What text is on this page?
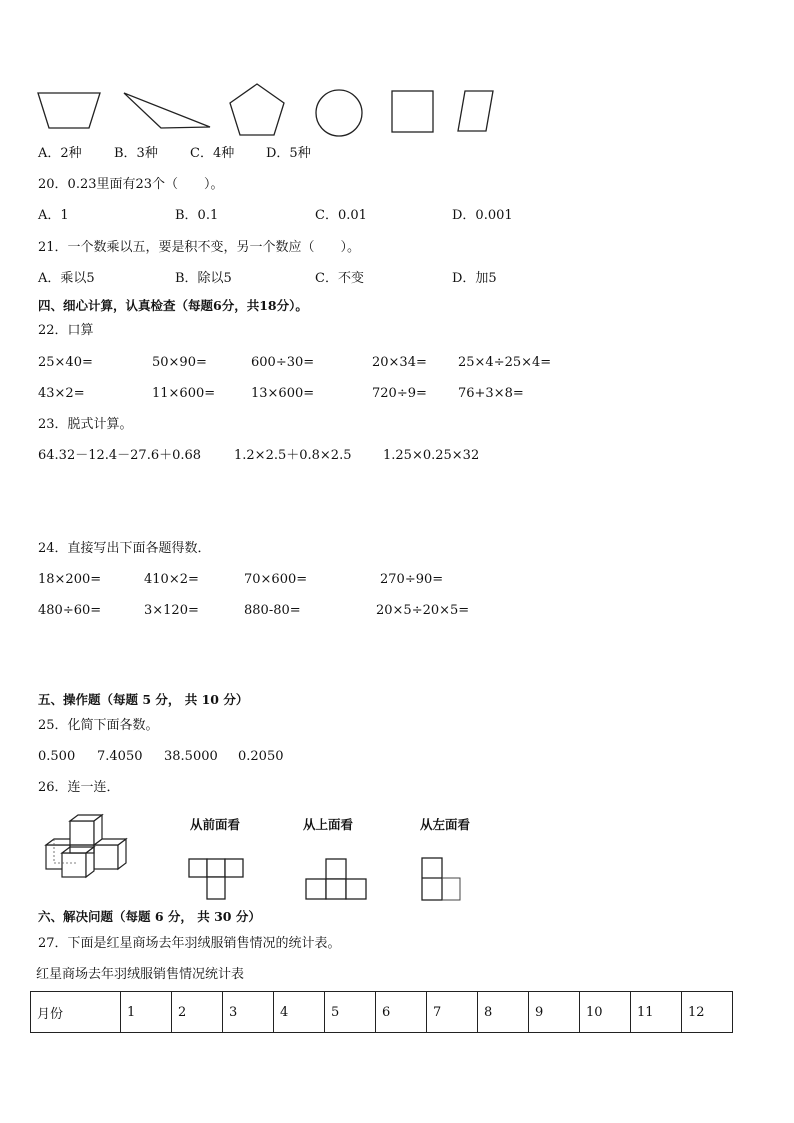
A．2种 B．3种 C．4种 D．5种
20．0.23里面有23个（　　）。
A．1	B．0.1	C．0.01	D．0.001
21．一个数乘以五，要是积不变，另一个数应（　　）。
A．乘以5	B．除以5	C．不变	D．加5
四、细心计算，认真检查（每题6分，共18分）。
22．口算
25×40=	50×90=	600÷30=	20×34= 25×4÷25×4=
43×2=	11×600=	13×600=	720÷9= 76+3×8=
23．脱式计算。
64.32－12.4－27.6＋0.68	1.2×2.5＋0.8×2.5 1.25×0.25×32
24．直接写出下面各题得数．
18×200=	410×2=	70×600=	270÷90=
480÷60=	3×120=	880-80=	20×5÷20×5=
五、操作题（每题 5 分， 共 10 分）
25．化简下面各数。
0.500 7.4050 38.5000 0.2050
26．连一连．
从前面看	从上面看	从左面看
六、解决问题（每题 6 分， 共 30 分）
27．下面是红星商场去年羽绒服销售情况的统计表。
红星商场去年羽绒服销售情况统计表
月份	1	2	3	4	5	6	7	8	9	10	11	12
